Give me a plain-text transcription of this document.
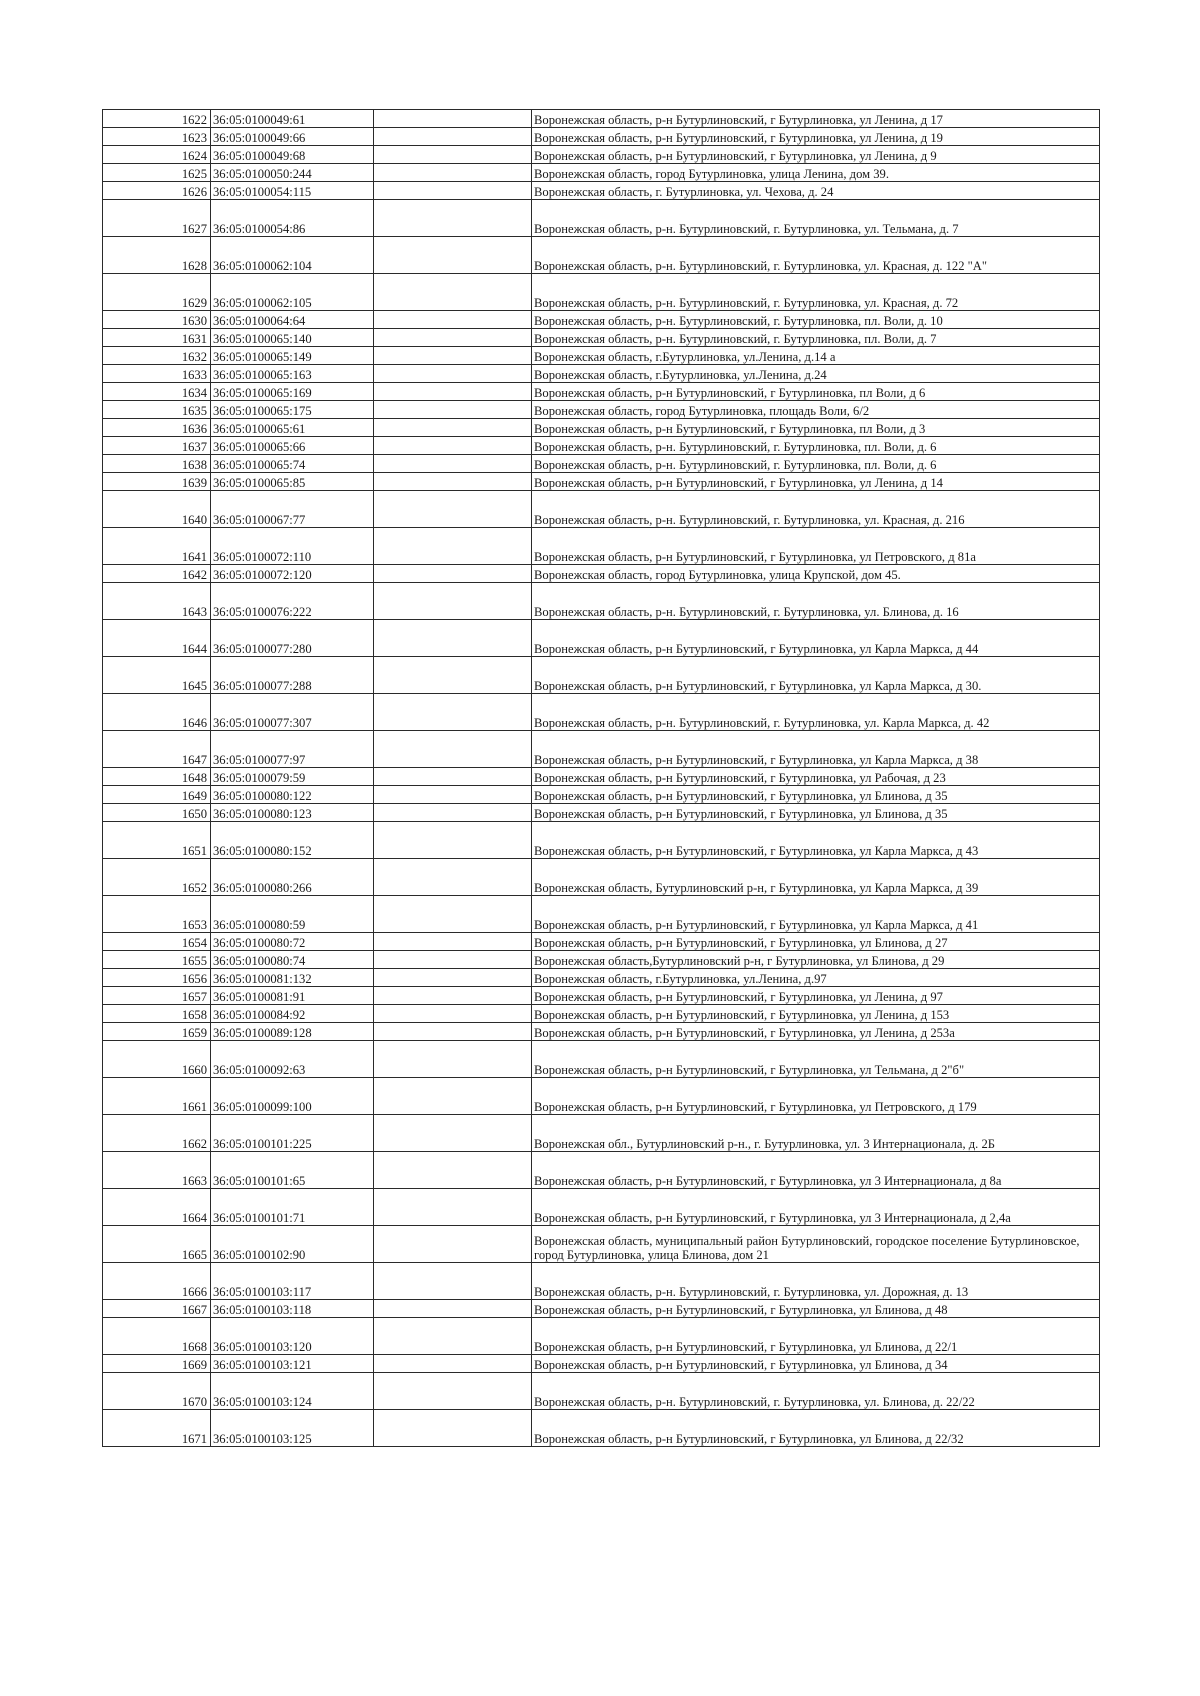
1622	36:05:0100049:61		Воронежская область, р-н Бутурлиновский, г Бутурлиновка, ул Ленина, д 17
1623	36:05:0100049:66		Воронежская область, р-н Бутурлиновский, г Бутурлиновка, ул Ленина, д 19
1624	36:05:0100049:68		Воронежская область, р-н Бутурлиновский, г Бутурлиновка, ул Ленина, д 9
1625	36:05:0100050:244		Воронежская область, город Бутурлиновка, улица Ленина, дом 39.
1626	36:05:0100054:115		Воронежская область, г. Бутурлиновка, ул. Чехова, д. 24
1627	36:05:0100054:86		Воронежская область, р-н. Бутурлиновский, г. Бутурлиновка, ул. Тельмана, д. 7
1628	36:05:0100062:104		Воронежская область, р-н. Бутурлиновский, г. Бутурлиновка, ул. Красная, д. 122 "А"
1629	36:05:0100062:105		Воронежская область, р-н. Бутурлиновский, г. Бутурлиновка, ул. Красная, д. 72
1630	36:05:0100064:64		Воронежская область, р-н. Бутурлиновский, г. Бутурлиновка, пл. Воли, д. 10
1631	36:05:0100065:140		Воронежская область, р-н. Бутурлиновский, г. Бутурлиновка, пл. Воли, д. 7
1632	36:05:0100065:149		Воронежская область, г.Бутурлиновка, ул.Ленина, д.14 а
1633	36:05:0100065:163		Воронежская область, г.Бутурлиновка, ул.Ленина, д.24
1634	36:05:0100065:169		Воронежская область, р-н Бутурлиновский, г Бутурлиновка, пл Воли, д 6
1635	36:05:0100065:175		Воронежская область, город Бутурлиновка, площадь Воли, 6/2
1636	36:05:0100065:61		Воронежская область, р-н Бутурлиновский, г Бутурлиновка, пл Воли, д 3
1637	36:05:0100065:66		Воронежская область, р-н. Бутурлиновский, г. Бутурлиновка, пл. Воли, д. 6
1638	36:05:0100065:74		Воронежская область, р-н. Бутурлиновский, г. Бутурлиновка, пл. Воли, д. 6
1639	36:05:0100065:85		Воронежская область, р-н Бутурлиновский, г Бутурлиновка, ул Ленина, д 14
1640	36:05:0100067:77		Воронежская область, р-н. Бутурлиновский, г. Бутурлиновка, ул. Красная, д. 216
1641	36:05:0100072:110		Воронежская область, р-н Бутурлиновский, г Бутурлиновка, ул Петровского, д 81а
1642	36:05:0100072:120		Воронежская область, город Бутурлиновка, улица Крупской, дом 45.
1643	36:05:0100076:222		Воронежская область, р-н. Бутурлиновский, г. Бутурлиновка, ул. Блинова, д. 16
1644	36:05:0100077:280		Воронежская область, р-н Бутурлиновский, г Бутурлиновка, ул Карла Маркса, д 44
1645	36:05:0100077:288		Воронежская область, р-н Бутурлиновский, г Бутурлиновка, ул Карла Маркса, д 30.
1646	36:05:0100077:307		Воронежская область, р-н. Бутурлиновский, г. Бутурлиновка, ул. Карла Маркса, д. 42
1647	36:05:0100077:97		Воронежская область, р-н Бутурлиновский, г Бутурлиновка, ул Карла Маркса, д 38
1648	36:05:0100079:59		Воронежская область, р-н Бутурлиновский, г Бутурлиновка, ул Рабочая, д 23
1649	36:05:0100080:122		Воронежская область, р-н Бутурлиновский, г Бутурлиновка, ул Блинова, д 35
1650	36:05:0100080:123		Воронежская область, р-н Бутурлиновский, г Бутурлиновка, ул Блинова, д 35
1651	36:05:0100080:152		Воронежская область, р-н Бутурлиновский, г Бутурлиновка, ул Карла Маркса, д 43
1652	36:05:0100080:266		Воронежская область, Бутурлиновский р-н, г Бутурлиновка, ул Карла Маркса, д 39
1653	36:05:0100080:59		Воронежская область, р-н Бутурлиновский, г Бутурлиновка, ул Карла Маркса, д 41
1654	36:05:0100080:72		Воронежская область, р-н Бутурлиновский, г Бутурлиновка, ул Блинова, д 27
1655	36:05:0100080:74		Воронежская область,Бутурлиновский р-н, г Бутурлиновка, ул Блинова, д 29
1656	36:05:0100081:132		Воронежская область, г.Бутурлиновка, ул.Ленина, д.97
1657	36:05:0100081:91		Воронежская область, р-н Бутурлиновский, г Бутурлиновка, ул Ленина, д 97
1658	36:05:0100084:92		Воронежская область, р-н Бутурлиновский, г Бутурлиновка, ул Ленина, д 153
1659	36:05:0100089:128		Воронежская область, р-н Бутурлиновский, г Бутурлиновка, ул Ленина, д 253а
1660	36:05:0100092:63		Воронежская область, р-н Бутурлиновский, г Бутурлиновка, ул Тельмана, д 2"б"
1661	36:05:0100099:100		Воронежская область, р-н Бутурлиновский, г Бутурлиновка, ул Петровского, д 179
1662	36:05:0100101:225		Воронежская обл., Бутурлиновский р-н., г. Бутурлиновка, ул. 3 Интернационала, д. 2Б
1663	36:05:0100101:65		Воронежская область, р-н Бутурлиновский, г Бутурлиновка, ул 3 Интернационала, д 8а
1664	36:05:0100101:71		Воронежская область, р-н Бутурлиновский, г Бутурлиновка, ул 3 Интернационала, д 2,4а
1665	36:05:0100102:90		Воронежская область, муниципальный район Бутурлиновский, городское поселение Бутурлиновское, город Бутурлиновка, улица Блинова, дом 21
1666	36:05:0100103:117		Воронежская область, р-н. Бутурлиновский, г. Бутурлиновка, ул. Дорожная, д. 13
1667	36:05:0100103:118		Воронежская область, р-н Бутурлиновский, г Бутурлиновка, ул Блинова, д 48
1668	36:05:0100103:120		Воронежская область, р-н Бутурлиновский, г Бутурлиновка, ул Блинова, д 22/1
1669	36:05:0100103:121		Воронежская область, р-н Бутурлиновский, г Бутурлиновка, ул Блинова, д 34
1670	36:05:0100103:124		Воронежская область, р-н. Бутурлиновский, г. Бутурлиновка, ул. Блинова, д. 22/22
1671	36:05:0100103:125		Воронежская область, р-н Бутурлиновский, г Бутурлиновка, ул Блинова, д 22/32
